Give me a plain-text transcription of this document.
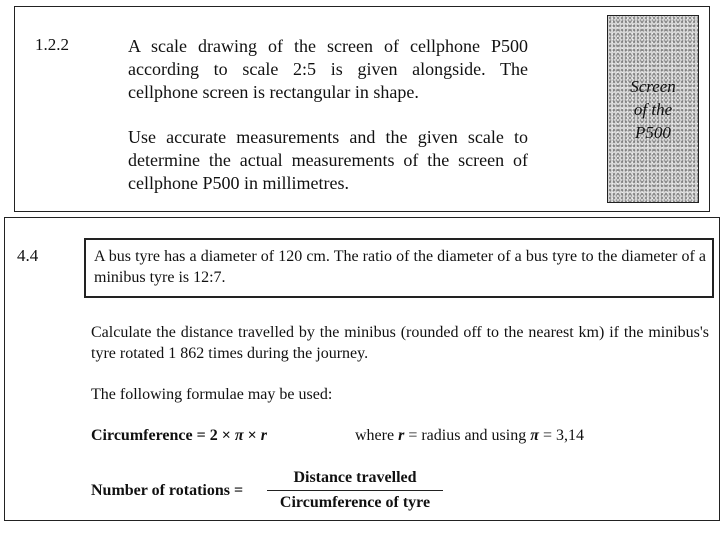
1.2.2	A scale drawing of the screen of cellphone P500 according to scale 2:5 is given alongside. The cellphone screen is rectangular in shape.

Use accurate measurements and the given scale to determine the actual measurements of the screen of cellphone P500 in millimetres.

Screen
of the
P500
4.4	A bus tyre has a diameter of 120 cm. The ratio of the diameter of a bus tyre to the diameter of a minibus tyre is 12:7.
Calculate the distance travelled by the minibus (rounded off to the nearest km) if the minibus's tyre rotated 1 862 times during the journey.
The following formulae may be used:
Circumference = 2 × π × r	where r = radius and using π = 3,14
Number of rotations =
Distance travelled
Circumference of tyre
